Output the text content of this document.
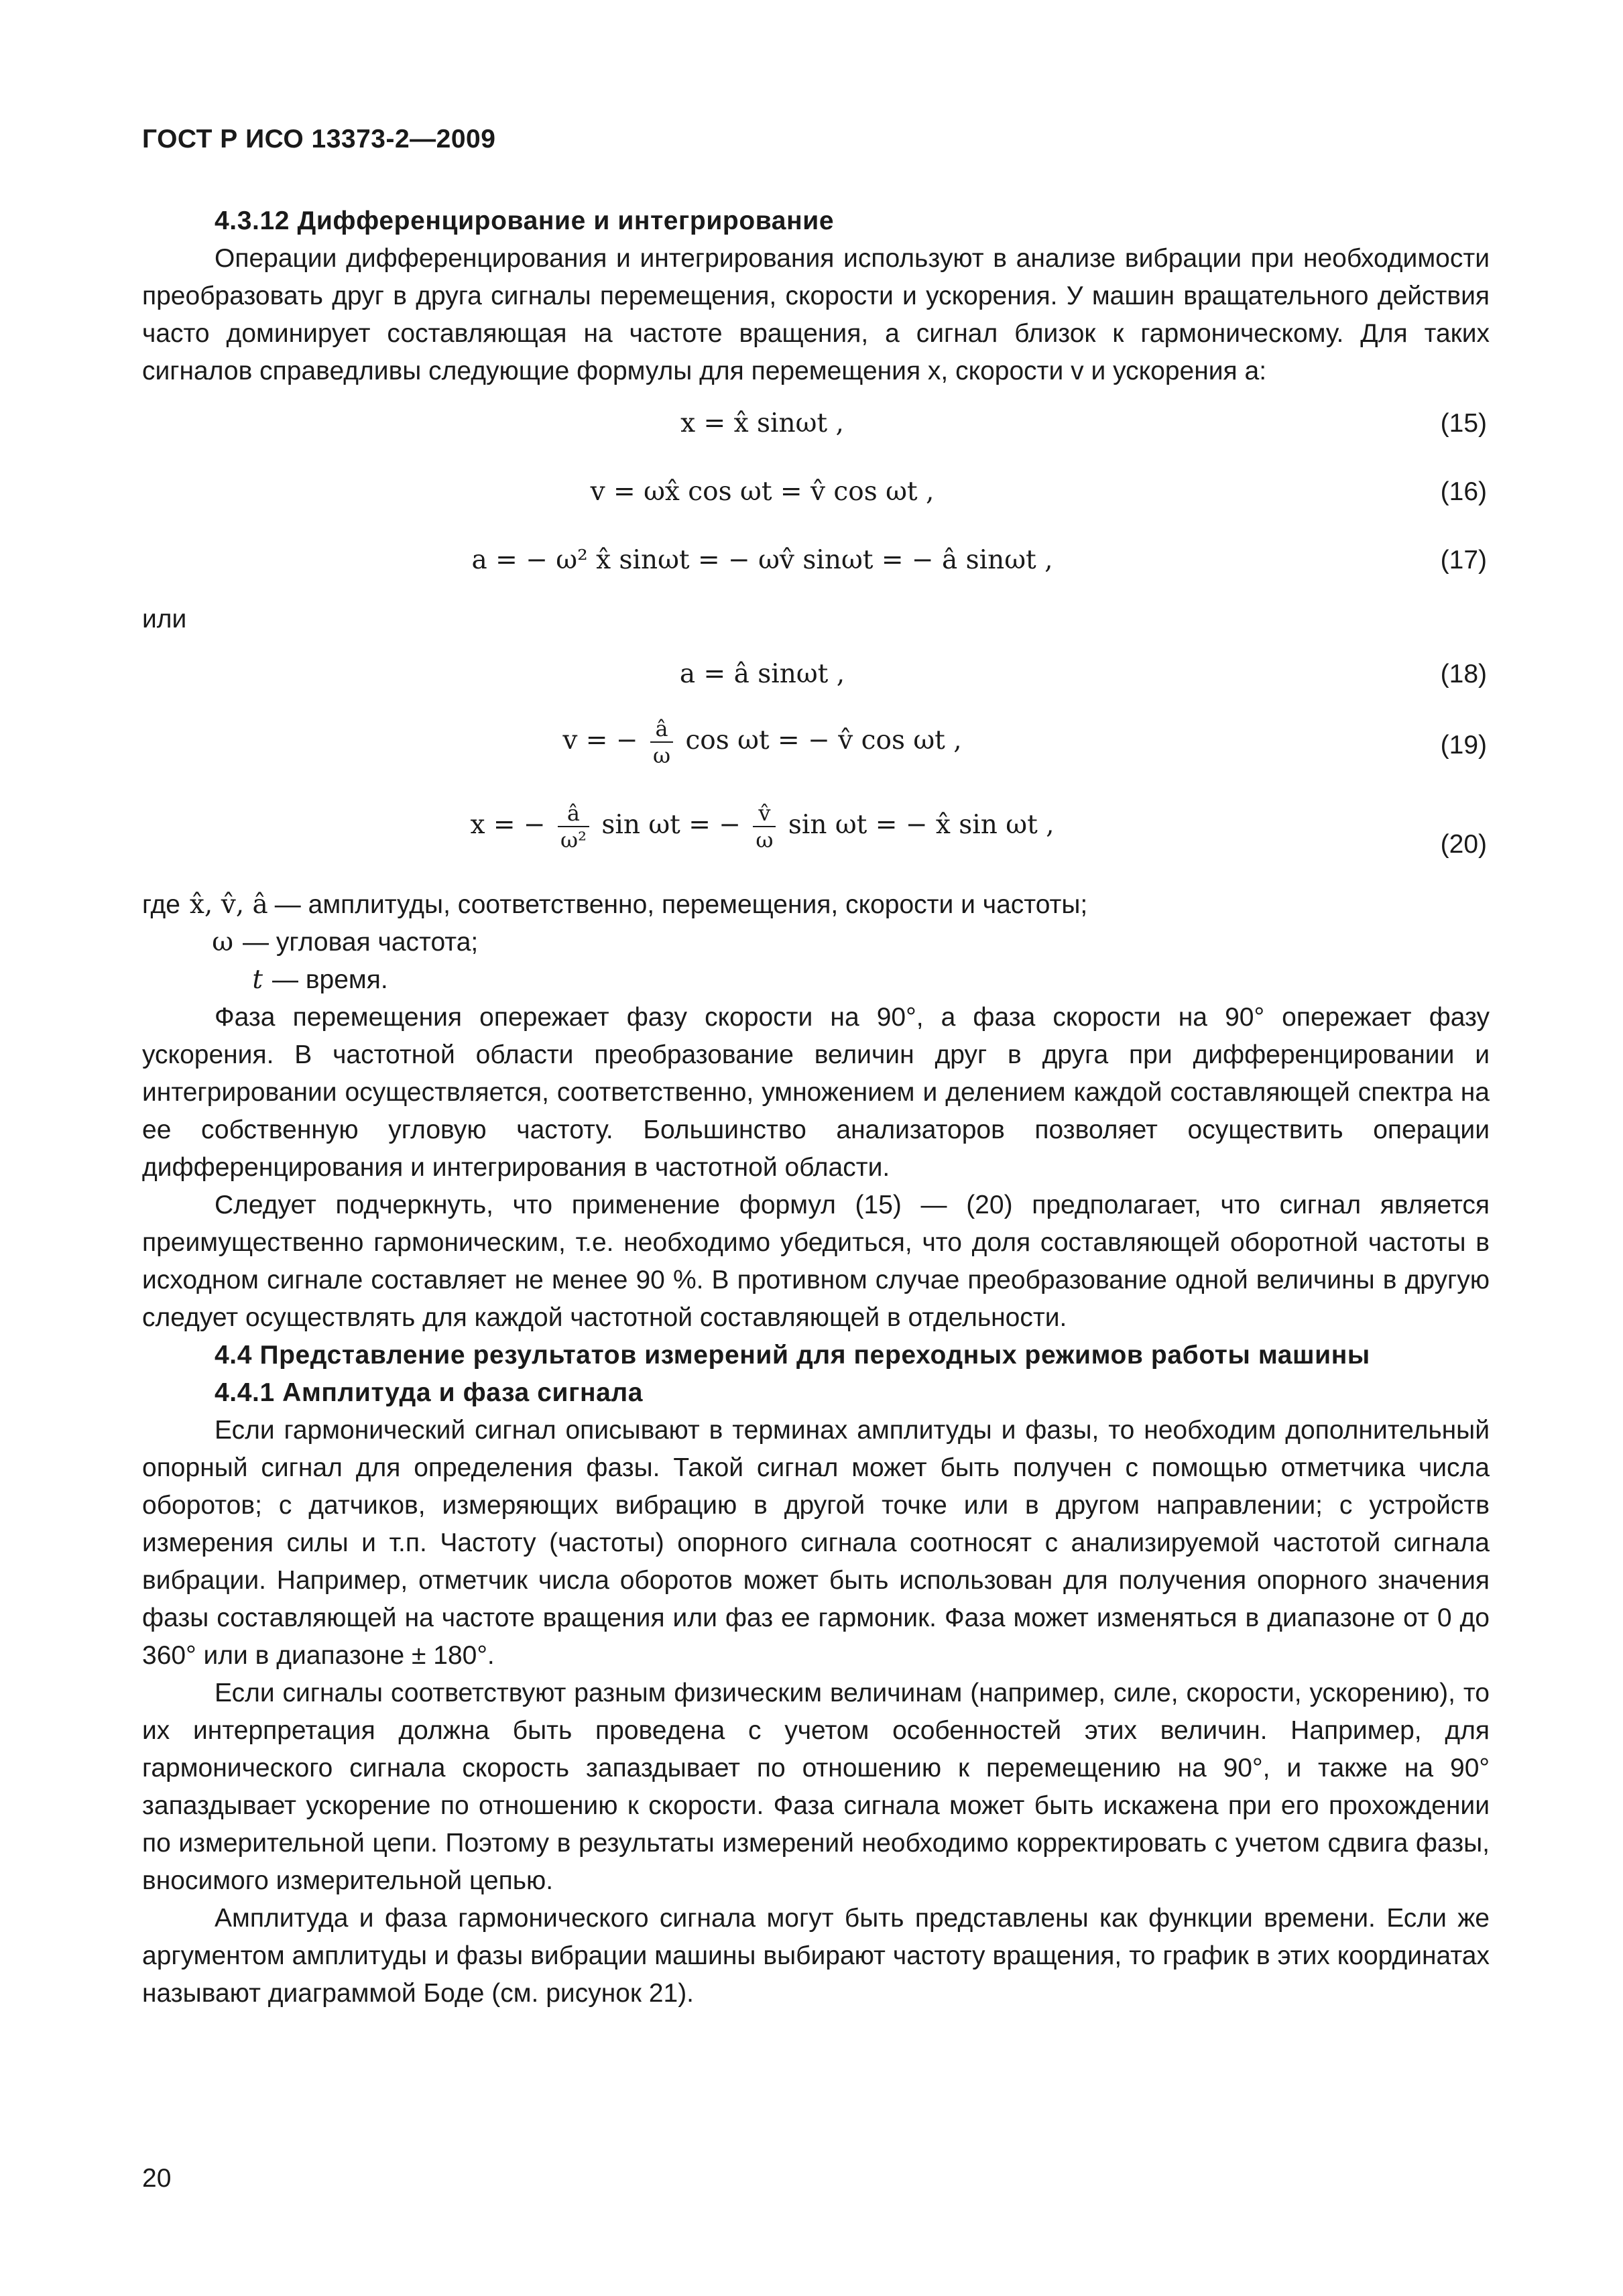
ГОСТ Р ИСО 13373-2—2009

4.3.12 Дифференцирование и интегрирование

Операции дифференцирования и интегрирования используют в анализе вибрации при необходимости преобразовать друг в друга сигналы перемещения, скорости и ускорения. У машин вращательного действия часто доминирует составляющая на частоте вращения, а сигнал близок к гармоническому. Для таких сигналов справедливы следующие формулы для перемещения x, скорости v и ускорения a:

x = x̂ sinωt ,	(15)
v = ωx̂ cos ωt = v̂ cos ωt ,	(16)
a = − ω² x̂ sinωt = − ωv̂ sinωt = − â sinωt ,	(17)
или
a = â sinωt ,	(18)
v = − $\frac{â}{\omega}$ cos ωt = − v̂ cos ωt ,	(19)
x = − $\frac{â}{\text{ω²}}$ sin ωt = − $\frac{v̂}{\omega}$ sin ωt = − x̂ sin ωt ,
(20)
где x̂, v̂, â — амплитуды, соответственно, перемещения, скорости и частоты;
ω — угловая частота;
t — время.

Фаза перемещения опережает фазу скорости на 90°, а фаза скорости на 90° опережает фазу ускорения. В частотной области преобразование величин друг в друга при дифференцировании и интегрировании осуществляется, соответственно, умножением и делением каждой составляющей спектра на ее собственную угловую частоту. Большинство анализаторов позволяет осуществить операции дифференцирования и интегрирования в частотной области.

Следует подчеркнуть, что применение формул (15) — (20) предполагает, что сигнал является преимущественно гармоническим, т.е. необходимо убедиться, что доля составляющей оборотной частоты в исходном сигнале составляет не менее 90 %. В противном случае преобразование одной величины в другую следует осуществлять для каждой частотной составляющей в отдельности.

4.4 Представление результатов измерений для переходных режимов работы машины

4.4.1 Амплитуда и фаза сигнала

Если гармонический сигнал описывают в терминах амплитуды и фазы, то необходим дополнительный опорный сигнал для определения фазы. Такой сигнал может быть получен с помощью отметчика числа оборотов; с датчиков, измеряющих вибрацию в другой точке или в другом направлении; с устройств измерения силы и т.п. Частоту (частоты) опорного сигнала соотносят с анализируемой частотой сигнала вибрации. Например, отметчик числа оборотов может быть использован для получения опорного значения фазы составляющей на частоте вращения или фаз ее гармоник. Фаза может изменяться в диапазоне от 0 до 360° или в диапазоне ± 180°.

Если сигналы соответствуют разным физическим величинам (например, силе, скорости, ускорению), то их интерпретация должна быть проведена с учетом особенностей этих величин. Например, для гармонического сигнала скорость запаздывает по отношению к перемещению на 90°, и также на 90° запаздывает ускорение по отношению к скорости. Фаза сигнала может быть искажена при его прохождении по измерительной цепи. Поэтому в результаты измерений необходимо корректировать с учетом сдвига фазы, вносимого измерительной цепью.

Амплитуда и фаза гармонического сигнала могут быть представлены как функции времени. Если же аргументом амплитуды и фазы вибрации машины выбирают частоту вращения, то график в этих координатах называют диаграммой Боде (см. рисунок 21).

20
